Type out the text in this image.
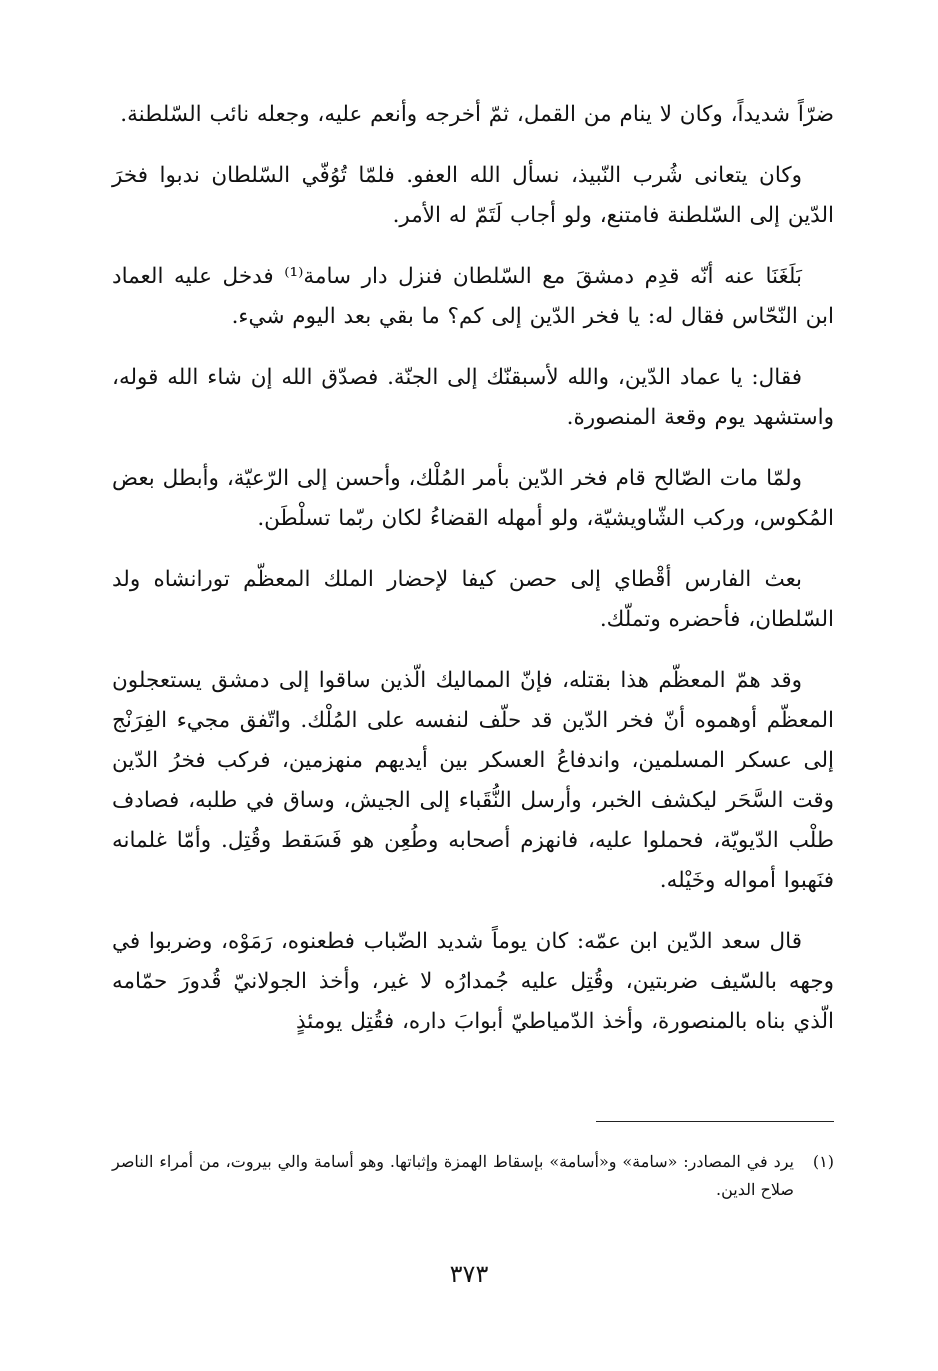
ضرّاً شديداً، وكان لا ينام من القمل، ثمّ أخرجه وأنعم عليه، وجعله نائب السّلطنة.

وكان يتعانى شُرب النّبيذ، نسأل الله العفو. فلمّا تُوُفّي السّلطان ندبوا فخرَ الدّين إلى السّلطنة فامتنع، ولو أجاب لَتَمّ له الأمر.

بَلَغَنَا عنه أنّه قدِم دمشقَ مع السّلطان فنزل دار سامة⁽¹⁾ فدخل عليه العماد ابن النّحّاس فقال له: يا فخر الدّين إلى كم؟ ما بقي بعد اليوم شيء.

فقال: يا عماد الدّين، والله لأسبقنّك إلى الجنّة. فصدّق الله إن شاء الله قوله، واستشهد يوم وقعة المنصورة.

ولمّا مات الصّالح قام فخر الدّين بأمر المُلْك، وأحسن إلى الرّعيّة، وأبطل بعض المُكوس، وركب الشّاويشيّة، ولو أمهله القضاءُ لكان ربّما تسلْطَن.

بعث الفارس أقْطاي إلى حصن كيفا لإحضار الملك المعظّم تورانشاه ولد السّلطان، فأحضره وتملّك.

وقد همّ المعظّم هذا بقتله، فإنّ المماليك الّذين ساقوا إلى دمشق يستعجلون المعظّم أوهموه أنّ فخر الدّين قد حلّف لنفسه على المُلْك. واتّفق مجيء الفِرَنْج إلى عسكر المسلمين، واندفاعُ العسكر بين أيديهم منهزمين، فركب فخرُ الدّين وقت السَّحَر ليكشف الخبر، وأرسل النُّقَباء إلى الجيش، وساق في طلبه، فصادف طلْب الدّيويّة، فحملوا عليه، فانهزم أصحابه وطُعِن هو فَسَقط وقُتِل. وأمّا غلمانه فنَهبوا أمواله وخَيْله.

قال سعد الدّين ابن عمّه: كان يوماً شديد الضّباب فطعنوه، رَمَوْه، وضربوا في وجهه بالسّيف ضربتين، وقُتِل عليه جُمدارُه لا غير، وأخذ الجولانيّ قُدورَ حمّامه الّذي بناه بالمنصورة، وأخذ الدّمياطيّ أبوابَ داره، فقُتِل يومئذٍ

(١)
يرد في المصادر: «سامة» و«أسامة» بإسقاط الهمزة وإثباتها. وهو أسامة والي بيروت، من أمراء الناصر صلاح الدين.
٣٧٣
